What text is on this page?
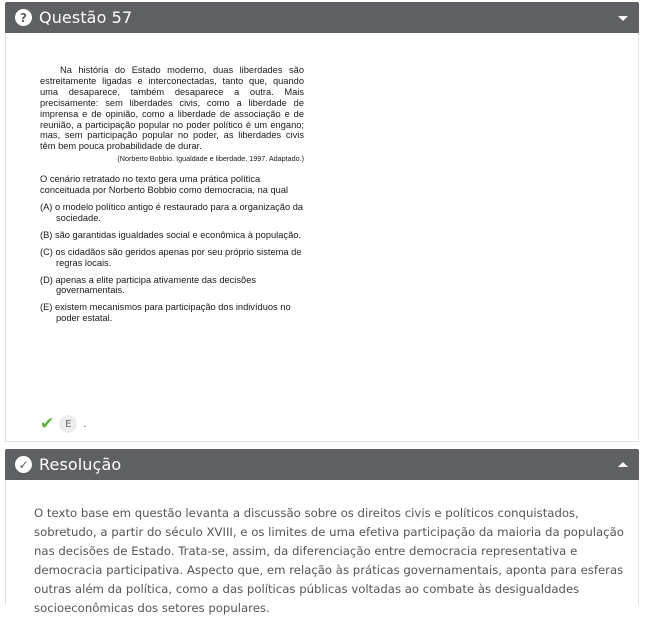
? Questão 57

Na história do Estado moderno, duas liberdades são estreitamente ligadas e interconectadas, tanto que, quando uma desaparece, também desaparece a outra. Mais precisamente: sem liberdades civis, como a liberdade de imprensa e de opinião, como a liberdade de associação e de reunião, a participação popular no poder político é um engano; mas, sem participação popular no poder, as liberdades civis têm bem pouca probabilidade de durar.

(Norberto Bobbio. Igualdade e liberdade, 1997. Adaptado.)

O cenário retratado no texto gera uma prática política conceituada por Norberto Bobbio como democracia, na qual

(A) o modelo político antigo é restaurado para a organização da sociedade.

(B) são garantidas igualdades social e econômica à população.

(C) os cidadãos são geridos apenas por seu próprio sistema de regras locais.

(D) apenas a elite participa ativamente das decisões governamentais.

(E) existem mecanismos para participação dos indivíduos no poder estatal.

✔	E	.
✓ Resolução
O texto base em questão levanta a discussão sobre os direitos civis e políticos conquistados, sobretudo, a partir do século XVIII, e os limites de uma efetiva participação da maioria da população nas decisões de Estado. Trata-se, assim, da diferenciação entre democracia representativa e democracia participativa. Aspecto que, em relação às práticas governamentais, aponta para esferas outras além da política, como a das políticas públicas voltadas ao combate às desigualdades socioeconômicas dos setores populares.
